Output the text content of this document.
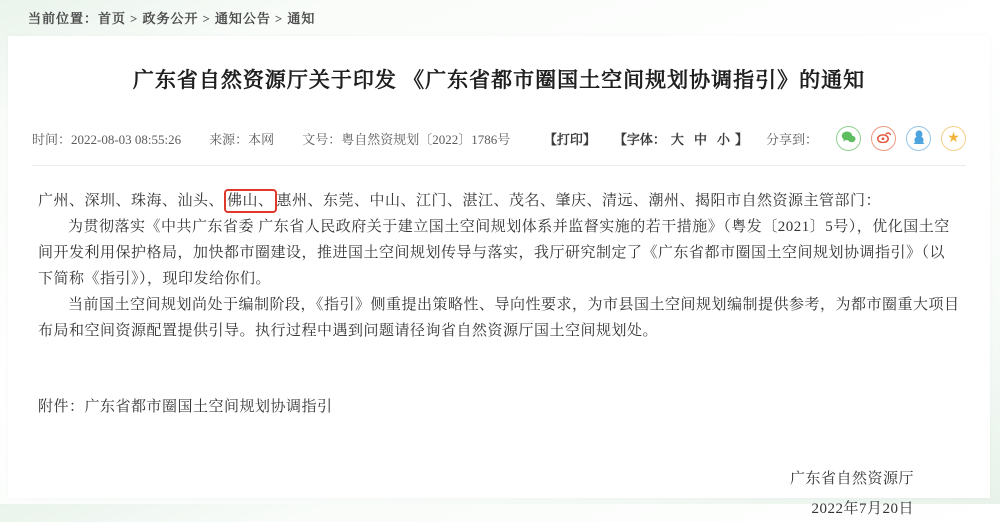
当前位置：首页 > 政务公开 > 通知公告 > 通知
广东省自然资源厅关于印发 《广东省都市圈国土空间规划协调指引》的通知
时间：2022-08-03 08:55:26 来源：本网 文号：粤自然资规划〔2022〕1786号	【打印】 【字体： 大 中 小 】 分享到：	★
广州、深圳、珠海、汕头、 佛山、 惠州、东莞、中山、江门、湛江、茂名、肇庆、清远、潮州、揭阳市自然资源主管部门：

为贯彻落实《中共广东省委 广东省人民政府关于建立国土空间规划体系并监督实施的若干措施》（粤发〔2021〕5号），优化国土空间开发利用保护格局，加快都市圈建设，推进国土空间规划传导与落实，我厅研究制定了《广东省都市圈国土空间规划协调指引》（以下简称《指引》），现印发给你们。

当前国土空间规划尚处于编制阶段，《指引》侧重提出策略性、导向性要求，为市县国土空间规划编制提供参考，为都市圈重大项目布局和空间资源配置提供引导。执行过程中遇到问题请径询省自然资源厅国土空间规划处。

附件：广东省都市圈国土空间规划协调指引
广东省自然资源厅
2022年7月20日
